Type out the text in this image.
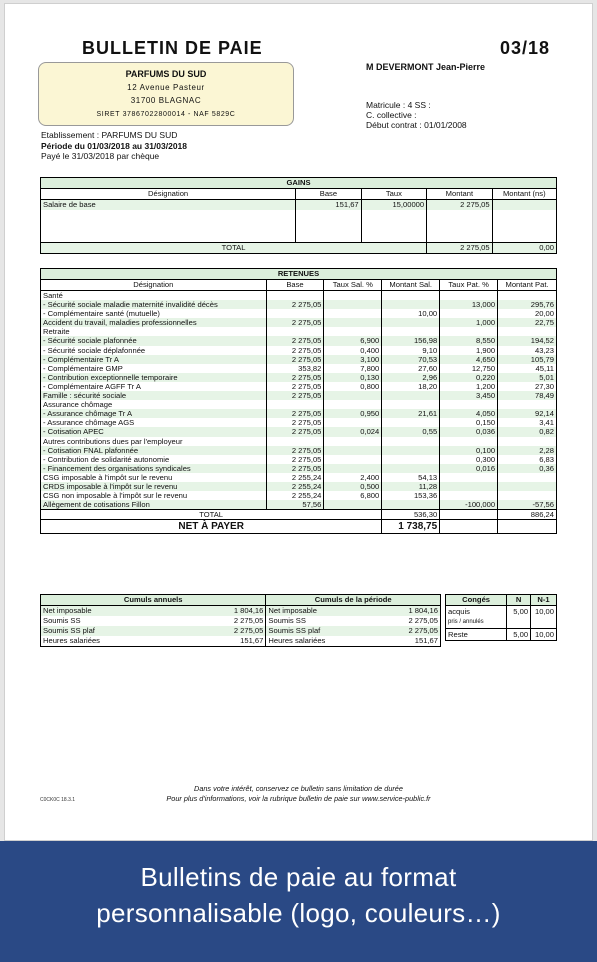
BULLETIN DE PAIE	03/18
PARFUMS DU SUD
12 Avenue Pasteur
31700 BLAGNAC
SIRET 37867022800014 - NAF 5829C
M DEVERMONT Jean-Pierre
Matricule : 4 SS :
C. collective :
Début contrat : 01/01/2008
Etablissement : PARFUMS DU SUD
Période du 01/03/2018 au 31/03/2018
Payé le 31/03/2018 par chèque
GAINS				
Désignation	Base	Taux	Montant	Montant (ns)
Salaire de base	151,67	15,00000	2 275,05	

TOTAL			2 275,05	0,00
RETENUES					
Désignation	Base	Taux Sal. %	Montant Sal.	Taux Pat. %	Montant Pat.
Santé					
- Sécurité sociale maladie maternité invalidité décès	2 275,05			13,000	295,76
- Complémentaire santé (mutuelle)			10,00		20,00
Accident du travail, maladies professionnelles	2 275,05			1,000	22,75
Retraite					
- Sécurité sociale plafonnée	2 275,05	6,900	156,98	8,550	194,52
- Sécurité sociale déplafonnée	2 275,05	0,400	9,10	1,900	43,23
- Complémentaire Tr A	2 275,05	3,100	70,53	4,650	105,79
- Complémentaire GMP	353,82	7,800	27,60	12,750	45,11
- Contribution exceptionnelle temporaire	2 275,05	0,130	2,96	0,220	5,01
- Complémentaire AGFF Tr A	2 275,05	0,800	18,20	1,200	27,30
Famille : sécurité sociale	2 275,05			3,450	78,49
Assurance chômage					
- Assurance chômage Tr A	2 275,05	0,950	21,61	4,050	92,14
- Assurance chômage AGS	2 275,05			0,150	3,41
- Cotisation APEC	2 275,05	0,024	0,55	0,036	0,82
Autres contributions dues par l'employeur					
- Cotisation FNAL plafonnée	2 275,05			0,100	2,28
- Contribution de solidarité autonomie	2 275,05			0,300	6,83
- Financement des organisations syndicales	2 275,05			0,016	0,36
CSG imposable à l'impôt sur le revenu	2 255,24	2,400	54,13		
CRDS imposable à l'impôt sur le revenu	2 255,24	0,500	11,28		
CSG non imposable à l'impôt sur le revenu	2 255,24	6,800	153,36		
Allègement de cotisations Fillon	57,56			-100,000	-57,56
TOTAL			536,30		886,24
NET À PAYER			1 738,75		
Cumuls annuels		Cumuls de la période	
Net imposable	1 804,16	Net imposable	1 804,16
Soumis SS	2 275,05	Soumis SS	2 275,05
Soumis SS plaf	2 275,05	Soumis SS plaf	2 275,05
Heures salariées	151,67	Heures salariées	151,67
Congés	N	N-1
acquis	5,00	10,00
pris / annulés		
Reste	5,00	10,00
Dans votre intérêt, conservez ce bulletin sans limitation de durée
Pour plus d'informations, voir la rubrique bulletin de paie sur www.service-public.fr
C0CK0C 18.3.1
Bulletins de paie au format
personnalisable (logo, couleurs…)
